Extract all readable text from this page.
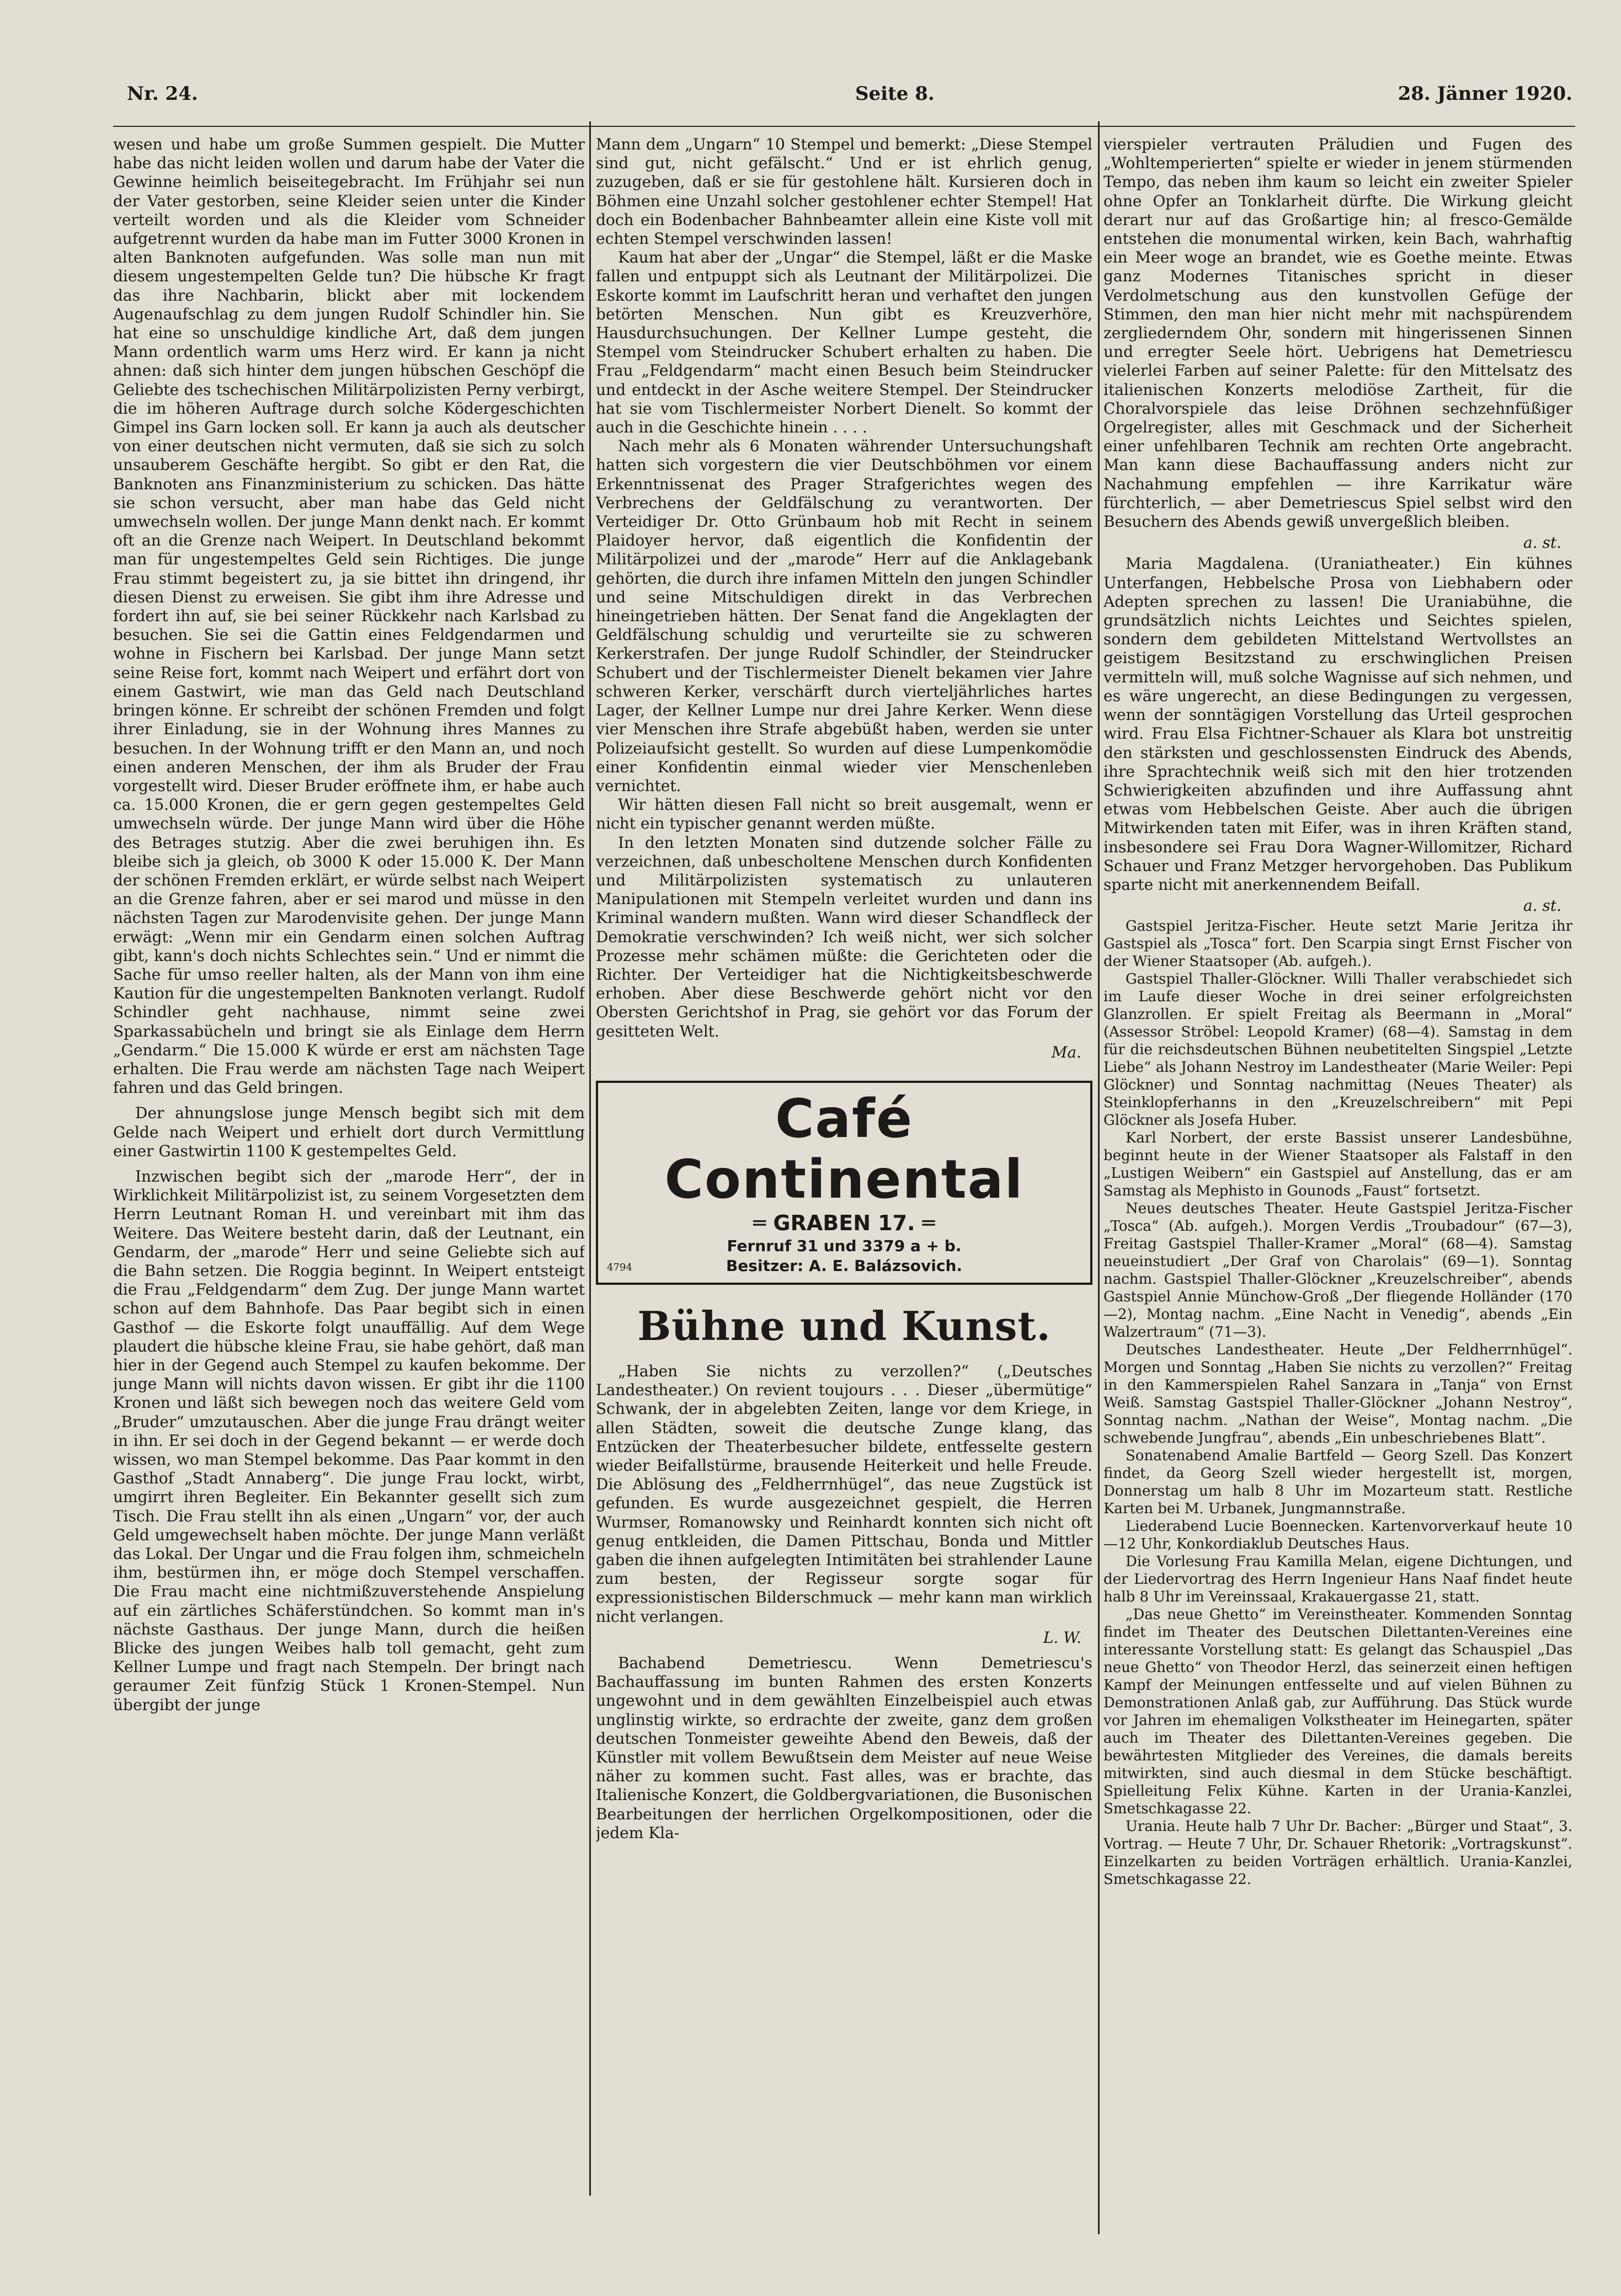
Nr. 24.	Seite 8.	28. Jänner 1920.

wesen und habe um große Summen gespielt. Die Mutter habe das nicht leiden wollen und darum habe der Vater die Gewinne heimlich beiseitegebracht. Im Frühjahr sei nun der Vater gestorben, seine Kleider seien unter die Kinder verteilt worden und als die Kleider vom Schneider aufgetrennt wurden da habe man im Futter 3000 Kronen in alten Banknoten aufgefunden. Was solle man nun mit diesem ungestempelten Gelde tun? Die hübsche Kr fragt das ihre Nachbarin, blickt aber mit lockendem Augenaufschlag zu dem jungen Rudolf Schindler hin. Sie hat eine so unschuldige kindliche Art, daß dem jungen Mann ordentlich warm ums Herz wird. Er kann ja nicht ahnen: daß sich hinter dem jungen hübschen Geschöpf die Geliebte des tschechischen Militärpolizisten Perny verbirgt, die im höheren Auftrage durch solche Ködergeschichten Gimpel ins Garn locken soll. Er kann ja auch als deutscher von einer deutschen nicht vermuten, daß sie sich zu solch unsauberem Geschäfte hergibt. So gibt er den Rat, die Banknoten ans Finanzministerium zu schicken. Das hätte sie schon versucht, aber man habe das Geld nicht umwechseln wollen. Der junge Mann denkt nach. Er kommt oft an die Grenze nach Weipert. In Deutschland bekommt man für ungestempeltes Geld sein Richtiges. Die junge Frau stimmt begeistert zu, ja sie bittet ihn dringend, ihr diesen Dienst zu erweisen. Sie gibt ihm ihre Adresse und fordert ihn auf, sie bei seiner Rückkehr nach Karlsbad zu besuchen. Sie sei die Gattin eines Feldgendarmen und wohne in Fischern bei Karlsbad. Der junge Mann setzt seine Reise fort, kommt nach Weipert und erfährt dort von einem Gastwirt, wie man das Geld nach Deutschland bringen könne. Er schreibt der schönen Fremden und folgt ihrer Einladung, sie in der Wohnung ihres Mannes zu besuchen. In der Wohnung trifft er den Mann an, und noch einen anderen Menschen, der ihm als Bruder der Frau vorgestellt wird. Dieser Bruder eröffnete ihm, er habe auch ca. 15.000 Kronen, die er gern gegen gestempeltes Geld umwechseln würde. Der junge Mann wird über die Höhe des Betrages stutzig. Aber die zwei beruhigen ihn. Es bleibe sich ja gleich, ob 3000 K oder 15.000 K. Der Mann der schönen Fremden erklärt, er würde selbst nach Weipert an die Grenze fahren, aber er sei marod und müsse in den nächsten Tagen zur Marodenvisite gehen. Der junge Mann erwägt: „Wenn mir ein Gendarm einen solchen Auftrag gibt, kann's doch nichts Schlechtes sein.“ Und er nimmt die Sache für umso reeller halten, als der Mann von ihm eine Kaution für die ungestempelten Banknoten verlangt. Rudolf Schindler geht nachhause, nimmt seine zwei Sparkassabücheln und bringt sie als Einlage dem Herrn „Gendarm.“ Die 15.000 K würde er erst am nächsten Tage erhalten. Die Frau werde am nächsten Tage nach Weipert fahren und das Geld bringen.

Der ahnungslose junge Mensch begibt sich mit dem Gelde nach Weipert und erhielt dort durch Vermittlung einer Gastwirtin 1100 K gestempeltes Geld.

Inzwischen begibt sich der „marode Herr“, der in Wirklichkeit Militärpolizist ist, zu seinem Vorgesetzten dem Herrn Leutnant Roman H. und vereinbart mit ihm das Weitere. Das Weitere besteht darin, daß der Leutnant, ein Gendarm, der „marode“ Herr und seine Geliebte sich auf die Bahn setzen. Die Roggia beginnt. In Weipert entsteigt die Frau „Feldgendarm“ dem Zug. Der junge Mann wartet schon auf dem Bahnhofe. Das Paar begibt sich in einen Gasthof — die Eskorte folgt unauffällig. Auf dem Wege plaudert die hübsche kleine Frau, sie habe gehört, daß man hier in der Gegend auch Stempel zu kaufen bekomme. Der junge Mann will nichts davon wissen. Er gibt ihr die 1100 Kronen und läßt sich bewegen noch das weitere Geld vom „Bruder“ umzutauschen. Aber die junge Frau drängt weiter in ihn. Er sei doch in der Gegend bekannt — er werde doch wissen, wo man Stempel bekomme. Das Paar kommt in den Gasthof „Stadt Annaberg“. Die junge Frau lockt, wirbt, umgirrt ihren Begleiter. Ein Bekannter gesellt sich zum Tisch. Die Frau stellt ihn als einen „Ungarn“ vor, der auch Geld umgewechselt haben möchte. Der junge Mann verläßt das Lokal. Der Ungar und die Frau folgen ihm, schmeicheln ihm, bestürmen ihn, er möge doch Stempel verschaffen. Die Frau macht eine nichtmißzuverstehende Anspielung auf ein zärtliches Schäferstündchen. So kommt man in's nächste Gasthaus. Der junge Mann, durch die heißen Blicke des jungen Weibes halb toll gemacht, geht zum Kellner Lumpe und fragt nach Stempeln. Der bringt nach geraumer Zeit fünfzig Stück 1 Kronen-Stempel. Nun übergibt der junge

Mann dem „Ungarn“ 10 Stempel und bemerkt: „Diese Stempel sind gut, nicht gefälscht.“ Und er ist ehrlich genug, zuzugeben, daß er sie für gestohlene hält. Kursieren doch in Böhmen eine Unzahl solcher gestohlener echter Stempel! Hat doch ein Bodenbacher Bahnbeamter allein eine Kiste voll mit echten Stempel verschwinden lassen!

Kaum hat aber der „Ungar“ die Stempel, läßt er die Maske fallen und entpuppt sich als Leutnant der Militärpolizei. Die Eskorte kommt im Laufschritt heran und verhaftet den jungen betörten Menschen. Nun gibt es Kreuzverhöre, Hausdurchsuchungen. Der Kellner Lumpe gesteht, die Stempel vom Steindrucker Schubert erhalten zu haben. Die Frau „Feldgendarm“ macht einen Besuch beim Steindrucker und entdeckt in der Asche weitere Stempel. Der Steindrucker hat sie vom Tischlermeister Norbert Dienelt. So kommt der auch in die Geschichte hinein . . . .

Nach mehr als 6 Monaten währender Untersuchungshaft hatten sich vorgestern die vier Deutschböhmen vor einem Erkenntnissenat des Prager Strafgerichtes wegen des Verbrechens der Geldfälschung zu verantworten. Der Verteidiger Dr. Otto Grünbaum hob mit Recht in seinem Plaidoyer hervor, daß eigentlich die Konfidentin der Militärpolizei und der „marode“ Herr auf die Anklagebank gehörten, die durch ihre infamen Mitteln den jungen Schindler und seine Mitschuldigen direkt in das Verbrechen hineingetrieben hätten. Der Senat fand die Angeklagten der Geldfälschung schuldig und verurteilte sie zu schweren Kerkerstrafen. Der junge Rudolf Schindler, der Steindrucker Schubert und der Tischlermeister Dienelt bekamen vier Jahre schweren Kerker, verschärft durch vierteljährliches hartes Lager, der Kellner Lumpe nur drei Jahre Kerker. Wenn diese vier Menschen ihre Strafe abgebüßt haben, werden sie unter Polizeiaufsicht gestellt. So wurden auf diese Lumpenkomödie einer Konfidentin einmal wieder vier Menschenleben vernichtet.

Wir hätten diesen Fall nicht so breit ausgemalt, wenn er nicht ein typischer genannt werden müßte.

In den letzten Monaten sind dutzende solcher Fälle zu verzeichnen, daß unbescholtene Menschen durch Konfidenten und Militärpolizisten systematisch zu unlauteren Manipulationen mit Stempeln verleitet wurden und dann ins Kriminal wandern mußten. Wann wird dieser Schandfleck der Demokratie verschwinden? Ich weiß nicht, wer sich solcher Prozesse mehr schämen müßte: die Gerichteten oder die Richter. Der Verteidiger hat die Nichtigkeitsbeschwerde erhoben. Aber diese Beschwerde gehört nicht vor den Obersten Gerichtshof in Prag, sie gehört vor das Forum der gesitteten Welt.

Ma.
Café Continental
═ GRABEN 17. ═
Fernruf 31 und 3379 a + b.
4794	Besitzer: A. E. Balázsovich.
Bühne und Kunst.

„Haben Sie nichts zu verzollen?“ („Deutsches Landestheater.) On revient toujours . . . Dieser „übermütige“ Schwank, der in abgelebten Zeiten, lange vor dem Kriege, in allen Städten, soweit die deutsche Zunge klang, das Entzücken der Theaterbesucher bildete, entfesselte gestern wieder Beifallstürme, brausende Heiterkeit und helle Freude. Die Ablösung des „Feldherrnhügel“, das neue Zugstück ist gefunden. Es wurde ausgezeichnet gespielt, die Herren Wurmser, Romanowsky und Reinhardt konnten sich nicht oft genug entkleiden, die Damen Pittschau, Bonda und Mittler gaben die ihnen aufgelegten Intimitäten bei strahlender Laune zum besten, der Regisseur sorgte sogar für expressionistischen Bilderschmuck — mehr kann man wirklich nicht verlangen.

L. W.

Bachabend Demetriescu. Wenn Demetriescu's Bachauffassung im bunten Rahmen des ersten Konzerts ungewohnt und in dem gewählten Einzelbeispiel auch etwas unglinstig wirkte, so erdrachte der zweite, ganz dem großen deutschen Tonmeister geweihte Abend den Beweis, daß der Künstler mit vollem Bewußtsein dem Meister auf neue Weise näher zu kommen sucht. Fast alles, was er brachte, das Italienische Konzert, die Goldbergvariationen, die Busonischen Bearbeitungen der herrlichen Orgelkompositionen, oder die jedem Kla-

vierspieler vertrauten Präludien und Fugen des „Wohltemperierten“ spielte er wieder in jenem stürmenden Tempo, das neben ihm kaum so leicht ein zweiter Spieler ohne Opfer an Tonklarheit dürfte. Die Wirkung gleicht derart nur auf das Großartige hin; al fresco-Gemälde entstehen die monumental wirken, kein Bach, wahrhaftig ein Meer woge an brandet, wie es Goethe meinte. Etwas ganz Modernes Titanisches spricht in dieser Verdolmetschung aus den kunstvollen Gefüge der Stimmen, den man hier nicht mehr mit nachspürendem zergliederndem Ohr, sondern mit hingerissenen Sinnen und erregter Seele hört. Uebrigens hat Demetriescu vielerlei Farben auf seiner Palette: für den Mittelsatz des italienischen Konzerts melodiöse Zartheit, für die Choralvorspiele das leise Dröhnen sechzehnfüßiger Orgelregister, alles mit Geschmack und der Sicherheit einer unfehlbaren Technik am rechten Orte angebracht. Man kann diese Bachauffassung anders nicht zur Nachahmung empfehlen — ihre Karrikatur wäre fürchterlich, — aber Demetriescus Spiel selbst wird den Besuchern des Abends gewiß unvergeßlich bleiben.

a. st.

Maria Magdalena. (Uraniatheater.) Ein kühnes Unterfangen, Hebbelsche Prosa von Liebhabern oder Adepten sprechen zu lassen! Die Uraniabühne, die grundsätzlich nichts Leichtes und Seichtes spielen, sondern dem gebildeten Mittelstand Wertvollstes an geistigem Besitzstand zu erschwinglichen Preisen vermitteln will, muß solche Wagnisse auf sich nehmen, und es wäre ungerecht, an diese Bedingungen zu vergessen, wenn der sonntägigen Vorstellung das Urteil gesprochen wird. Frau Elsa Fichtner-Schauer als Klara bot unstreitig den stärksten und geschlossensten Eindruck des Abends, ihre Sprachtechnik weiß sich mit den hier trotzenden Schwierigkeiten abzufinden und ihre Auffassung ahnt etwas vom Hebbelschen Geiste. Aber auch die übrigen Mitwirkenden taten mit Eifer, was in ihren Kräften stand, insbesondere sei Frau Dora Wagner-Willomitzer, Richard Schauer und Franz Metzger hervorgehoben. Das Publikum sparte nicht mit anerkennendem Beifall.

a. st.

Gastspiel Jeritza-Fischer. Heute setzt Marie Jeritza ihr Gastspiel als „Tosca“ fort. Den Scarpia singt Ernst Fischer von der Wiener Staatsoper (Ab. aufgeh.).

Gastspiel Thaller-Glöckner. Willi Thaller verabschiedet sich im Laufe dieser Woche in drei seiner erfolgreichsten Glanzrollen. Er spielt Freitag als Beermann in „Moral“ (Assessor Ströbel: Leopold Kramer) (68—4). Samstag in dem für die reichsdeutschen Bühnen neubetitelten Singspiel „Letzte Liebe“ als Johann Nestroy im Landestheater (Marie Weiler: Pepi Glöckner) und Sonntag nachmittag (Neues Theater) als Steinklopferhanns in den „Kreuzelschreibern“ mit Pepi Glöckner als Josefa Huber.

Karl Norbert, der erste Bassist unserer Landesbühne, beginnt heute in der Wiener Staatsoper als Falstaff in den „Lustigen Weibern“ ein Gastspiel auf Anstellung, das er am Samstag als Mephisto in Gounods „Faust“ fortsetzt.

Neues deutsches Theater. Heute Gastspiel Jeritza-Fischer „Tosca“ (Ab. aufgeh.). Morgen Verdis „Troubadour“ (67—3), Freitag Gastspiel Thaller-Kramer „Moral“ (68—4). Samstag neueinstudiert „Der Graf von Charolais“ (69—1). Sonntag nachm. Gastspiel Thaller-Glöckner „Kreuzelschreiber“, abends Gastspiel Annie Münchow-Groß „Der fliegende Holländer (170—2), Montag nachm. „Eine Nacht in Venedig“, abends „Ein Walzertraum“ (71—3).

Deutsches Landestheater. Heute „Der Feldherrnhügel“. Morgen und Sonntag „Haben Sie nichts zu verzollen?“ Freitag in den Kammerspielen Rahel Sanzara in „Tanja“ von Ernst Weiß. Samstag Gastspiel Thaller-Glöckner „Johann Nestroy“, Sonntag nachm. „Nathan der Weise“, Montag nachm. „Die schwebende Jungfrau“, abends „Ein unbeschriebenes Blatt“.

Sonatenabend Amalie Bartfeld — Georg Szell. Das Konzert findet, da Georg Szell wieder hergestellt ist, morgen, Donnerstag um halb 8 Uhr im Mozarteum statt. Restliche Karten bei M. Urbanek, Jungmannstraße.

Liederabend Lucie Boennecken. Kartenvorverkauf heute 10—12 Uhr, Konkordiaklub Deutsches Haus.

Die Vorlesung Frau Kamilla Melan, eigene Dichtungen, und der Liedervortrag des Herrn Ingenieur Hans Naaf findet heute halb 8 Uhr im Vereinssaal, Krakauergasse 21, statt.

„Das neue Ghetto“ im Vereinstheater. Kommenden Sonntag findet im Theater des Deutschen Dilettanten-Vereines eine interessante Vorstellung statt: Es gelangt das Schauspiel „Das neue Ghetto“ von Theodor Herzl, das seinerzeit einen heftigen Kampf der Meinungen entfesselte und auf vielen Bühnen zu Demonstrationen Anlaß gab, zur Aufführung. Das Stück wurde vor Jahren im ehemaligen Volkstheater im Heinegarten, später auch im Theater des Dilettanten-Vereines gegeben. Die bewährtesten Mitglieder des Vereines, die damals bereits mitwirkten, sind auch diesmal in dem Stücke beschäftigt. Spielleitung Felix Kühne. Karten in der Urania-Kanzlei, Smetschkagasse 22.

Urania. Heute halb 7 Uhr Dr. Bacher: „Bürger und Staat“, 3. Vortrag. — Heute 7 Uhr, Dr. Schauer Rhetorik: „Vortragskunst“. Einzelkarten zu beiden Vorträgen erhältlich. Urania-Kanzlei, Smetschkagasse 22.
